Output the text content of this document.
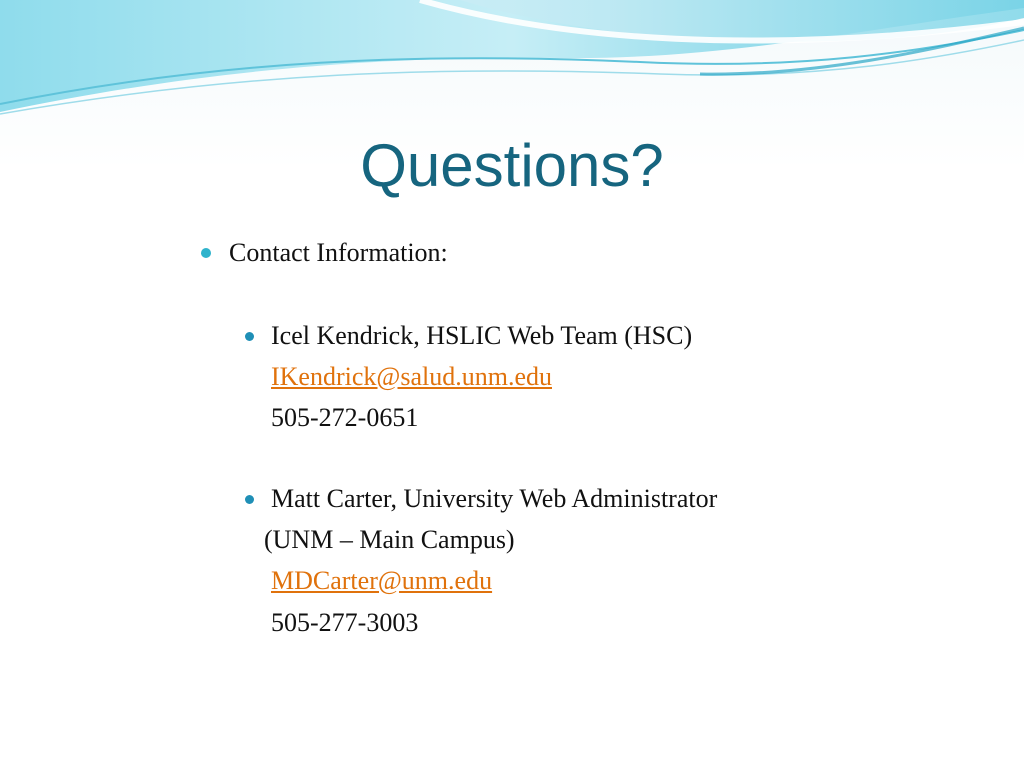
Questions?
Contact Information:
Icel Kendrick, HSLIC Web Team (HSC)
IKendrick@salud.unm.edu
505-272-0651
Matt Carter, University Web Administrator
(UNM – Main Campus)
MDCarter@unm.edu
505-277-3003
